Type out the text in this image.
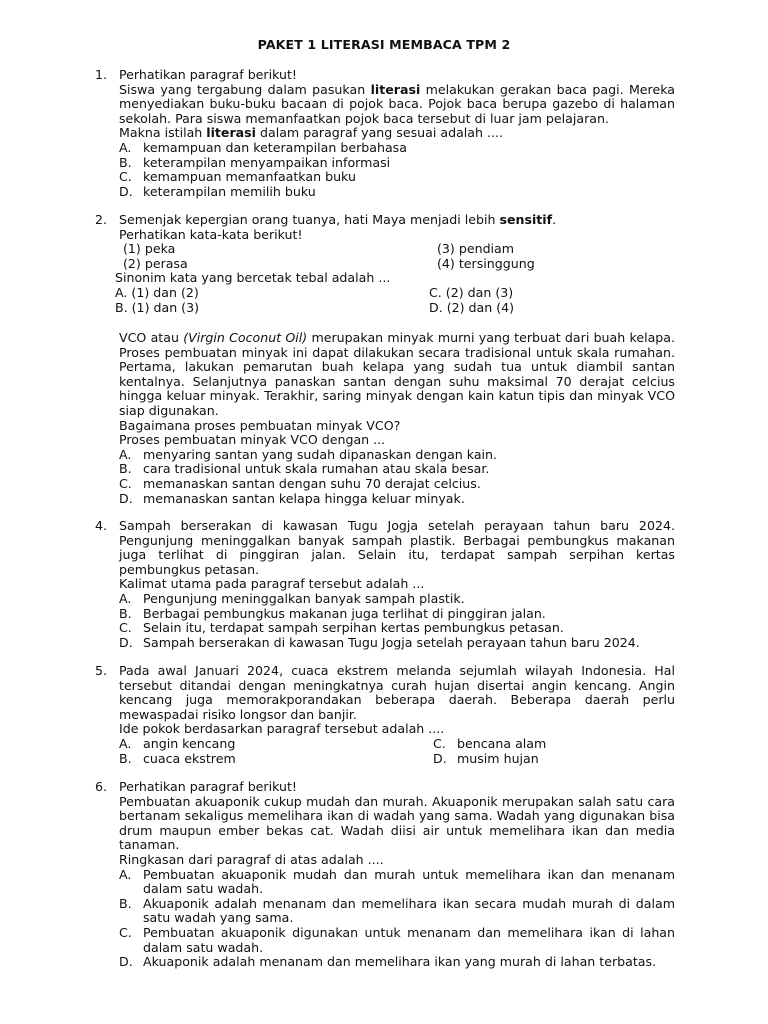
PAKET 1 LITERASI MEMBACA TPM 2
1. Perhatikan paragraf berikut!
Siswa yang tergabung dalam pasukan literasi melakukan gerakan baca pagi. Mereka menyediakan buku-buku bacaan di pojok baca. Pojok baca berupa gazebo di halaman sekolah. Para siswa memanfaatkan pojok baca tersebut di luar jam pelajaran.
Makna istilah literasi dalam paragraf yang sesuai adalah ....
A. kemampuan dan keterampilan berbahasa
B. keterampilan menyampaikan informasi
C. kemampuan memanfaatkan buku
D. keterampilan memilih buku
2. Semenjak kepergian orang tuanya, hati Maya menjadi lebih sensitif.
Perhatikan kata-kata berikut!
(1) peka	(3) pendiam
(2) perasa	(4) tersinggung
Sinonim kata yang bercetak tebal adalah ...
A. (1) dan (2)	C. (2) dan (3)
B. (1) dan (3)	D. (2) dan (4)
VCO atau (Virgin Coconut Oil) merupakan minyak murni yang terbuat dari buah kelapa. Proses pembuatan minyak ini dapat dilakukan secara tradisional untuk skala rumahan. Pertama, lakukan pemarutan buah kelapa yang sudah tua untuk diambil santan kentalnya. Selanjutnya panaskan santan dengan suhu maksimal 70 derajat celcius hingga keluar minyak. Terakhir, saring minyak dengan kain katun tipis dan minyak VCO siap digunakan.
Bagaimana proses pembuatan minyak VCO?
Proses pembuatan minyak VCO dengan ...
A. menyaring santan yang sudah dipanaskan dengan kain.
B. cara tradisional untuk skala rumahan atau skala besar.
C. memanaskan santan dengan suhu 70 derajat celcius.
D. memanaskan santan kelapa hingga keluar minyak.
4. Sampah berserakan di kawasan Tugu Jogja setelah perayaan tahun baru 2024. Pengunjung meninggalkan banyak sampah plastik. Berbagai pembungkus makanan juga terlihat di pinggiran jalan. Selain itu, terdapat sampah serpihan kertas pembungkus petasan.
Kalimat utama pada paragraf tersebut adalah ...
A. Pengunjung meninggalkan banyak sampah plastik.
B. Berbagai pembungkus makanan juga terlihat di pinggiran jalan.
C. Selain itu, terdapat sampah serpihan kertas pembungkus petasan.
D. Sampah berserakan di kawasan Tugu Jogja setelah perayaan tahun baru 2024.
5. Pada awal Januari 2024, cuaca ekstrem melanda sejumlah wilayah Indonesia. Hal tersebut ditandai dengan meningkatnya curah hujan disertai angin kencang. Angin kencang juga memorakporandakan beberapa daerah. Beberapa daerah perlu mewaspadai risiko longsor dan banjir.
Ide pokok berdasarkan paragraf tersebut adalah ....
A. angin kencang	C. bencana alam
B. cuaca ekstrem	D. musim hujan
6. Perhatikan paragraf berikut!
Pembuatan akuaponik cukup mudah dan murah. Akuaponik merupakan salah satu cara bertanam sekaligus memelihara ikan di wadah yang sama. Wadah yang digunakan bisa drum maupun ember bekas cat. Wadah diisi air untuk memelihara ikan dan media tanaman.
Ringkasan dari paragraf di atas adalah ....
A. Pembuatan akuaponik mudah dan murah untuk memelihara ikan dan menanam dalam satu wadah.
B. Akuaponik adalah menanam dan memelihara ikan secara mudah murah di dalam satu wadah yang sama.
C. Pembuatan akuaponik digunakan untuk menanam dan memelihara ikan di lahan dalam satu wadah.
D. Akuaponik adalah menanam dan memelihara ikan yang murah di lahan terbatas.
